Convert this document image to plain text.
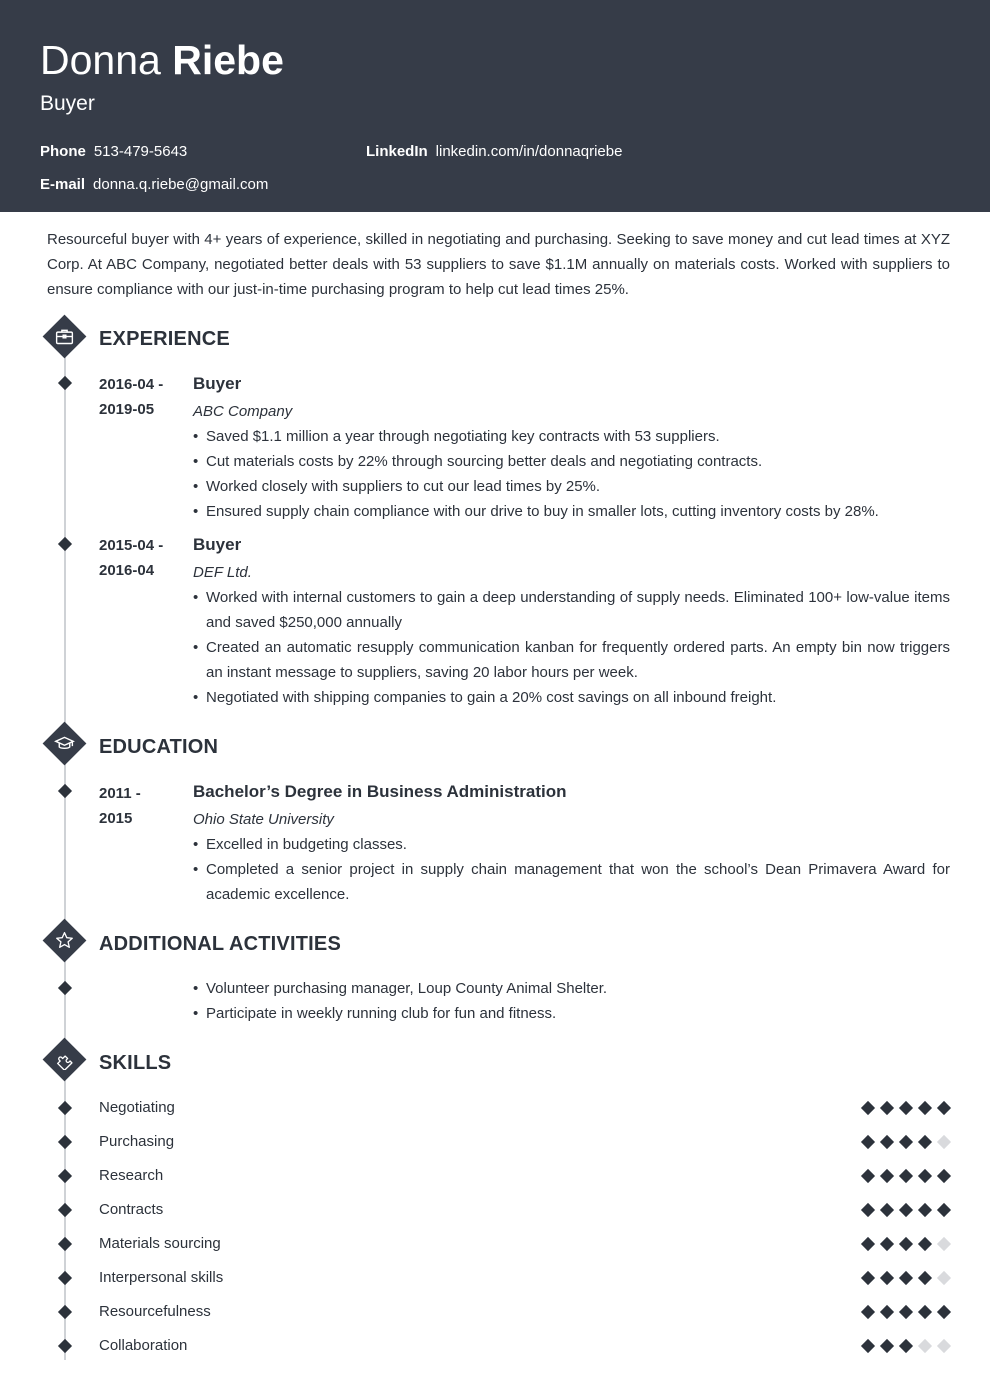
Donna Riebe
Buyer
Phone 513-479-5643	LinkedIn linkedin.com/in/donnaqriebe
E-mail donna.q.riebe@gmail.com

Resourceful buyer with 4+ years of experience, skilled in negotiating and purchasing. Seeking to save money and cut lead times at XYZ Corp. At ABC Company, negotiated better deals with 53 suppliers to save $1.1M annually on materials costs. Worked with suppliers to ensure compliance with our just-in-time purchasing program to help cut lead times 25%.

EXPERIENCE
2016-04 -
2019-05
Buyer
ABC Company
• Saved $1.1 million a year through negotiating key contracts with 53 suppliers.
• Cut materials costs by 22% through sourcing better deals and negotiating contracts.
• Worked closely with suppliers to cut our lead times by 25%.
• Ensured supply chain compliance with our drive to buy in smaller lots, cutting inventory costs by 28%.
2015-04 -
2016-04
Buyer
DEF Ltd.
• Worked with internal customers to gain a deep understanding of supply needs. Eliminated 100+ low-value items and saved $250,000 annually
• Created an automatic resupply communication kanban for frequently ordered parts. An empty bin now triggers an instant message to suppliers, saving 20 labor hours per week.
• Negotiated with shipping companies to gain a 20% cost savings on all inbound freight.
EDUCATION
2011 -
2015
Bachelor’s Degree in Business Administration
Ohio State University
• Excelled in budgeting classes.
• Completed a senior project in supply chain management that won the school’s Dean Primavera Award for academic excellence.
ADDITIONAL ACTIVITIES
• Volunteer purchasing manager, Loup County Animal Shelter.
• Participate in weekly running club for fun and fitness.
SKILLS
Negotiating
Purchasing
Research
Contracts
Materials sourcing
Interpersonal skills
Resourcefulness
Collaboration
